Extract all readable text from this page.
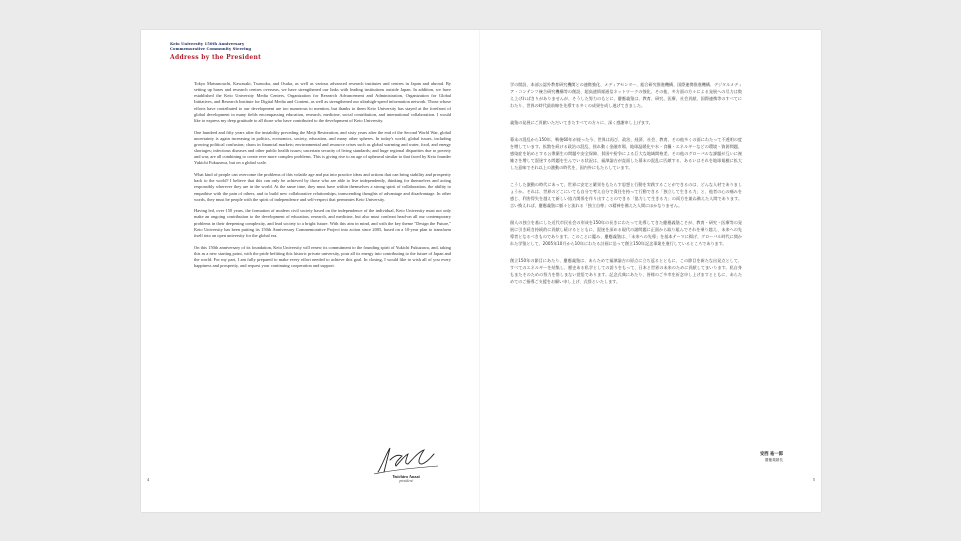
Keio University 150th Anniversary
Commemorative Community Steering
Address by the President

Tokyo Matsunouchi, Kawasaki, Tsuruoka, and Osaka, as well as various advanced research institutes and centres in Japan and abroad. By setting up bases and research centres overseas, we have strengthened our links with leading institutions outside Japan. In addition, we have established the Keio University Media Centers, Organization for Research Advancement and Administration, Organization for Global Initiatives, and Research Institute for Digital Media and Content, as well as strengthened our ultrahigh-speed information network. Those whose efforts have contributed to our development are too numerous to mention, but thanks to them Keio University has stayed at the forefront of global development in many fields encompassing education, research, medicine, social contribution, and international collaboration. I would like to express my deep gratitude to all those who have contributed to the development of Keio University.

One hundred and fifty years after the instability preceding the Meiji Restoration, and sixty years after the end of the Second World War, global uncertainty is again increasing in politics, economics, society, education, and many other spheres. In today's world, global issues, including growing political confusion; chaos in financial markets; environmental and resource crises such as global warming and water, food, and energy shortages; infectious diseases and other public health issues; uncertain security of living standards; and huge regional disparities due to poverty and war, are all combining to create ever more complex problems. This is giving rise to an age of upheaval similar to that faced by Keio founder Yukichi Fukuzawa, but on a global scale.

What kind of people can overcome the problems of this volatile age and put into practice ideas and actions that can bring stability and prosperity back to the world? I believe that this can only be achieved by those who are able to live independently, thinking for themselves and acting responsibly wherever they are in the world. At the same time, they must have within themselves a strong spirit of collaboration, the ability to empathise with the pain of others, and to build new collaborative relationships, transcending thoughts of advantage and disadvantage. In other words, they must be people with the spirit of independence and self-respect that permeates Keio University.

Having led, over 150 years, the formation of modern civil society based on the independence of the individual, Keio University must not only make an ongoing contribution to the development of education, research, and medicine, but also must confront head-on all our contemporary problems in their deepening complexity, and lead society to a bright future. With this aim in mind, and with the key theme "Design the Future," Keio University has been putting its 150th Anniversary Commemorative Project into action since 2005, based on a 10-year plan to transform itself into an open university for the global era.

On this 150th anniversary of its foundation, Keio University will renew its commitment to the founding spirit of Yukichi Fukuzawa, and, taking this as a new starting point, with the pride befitting this historic private university, pour all its energy into contributing to the future of Japan and the world. For my part, I am fully prepared to make every effort needed to achieve this goal. In closing, I would like to wish all of you every happiness and prosperity, and request your continuing cooperation and support.

Yuichiro Anzai
president
4

学の開設、本部公認外教育研究機関との連携強化、メディアセンター、総合研究推進機構、国際連携推進機構、デジタルメディア・コンテンツ統合研究機構等の創設、超高速情報通信ネットワークの強化、その他、多方面の方々による発展への尽力は数え上げればきりがありませんが、そうした努力のもとに、慶應義塾は、教育、研究、医療、社会貢献、国際連携等のすべてにわたり、世界の時代最前線を先導する多くの成果を成し遂げてきました。

義塾の発展にご貢献いただいてきたすべての方々に、深く感謝申し上げます。

幕末の混乱から150年、戦後60年が経った今、世界は再び、政治、経済、社会、教育、その他多くの面にわたって不透明の度を増しています。拡散を続ける政治の混乱、揺れ動く金融市場、地球温暖化や水・食糧・エネルギーなどの環境・資源問題、感染症を始めとする公衆衛生の問題や安全保障、貧困や紛争による巨大な地域間格差、その他のグローバルな課題が互いに複雑さを増して混迷する問題を生んでいる状況は、福澤諭吉が直面した幕末の混乱に匹敵する、あるいはそれを地球規模に拡大した意味でそれ以上の激動の時代を、国内外にもたらしています。

こうした激動の時代にあって、世界に安定と繁栄をもたらす思想と行動を実践することができるのは、どんな人材でありましょうか。それは、世界のどこにいても自分で考え自分で責任を持って行動できる「独立して生きる力」と、他者の心の痛みを感じ、利害得失を越えて新しい協力関係を作り出すことのできる「協力して生きる力」の両方を兼ね備えた人間であります。言い換えれば、慶應義塾に脈々と流れる「独立自尊」の精神を備えた人間にほかなりません。

個人の独立を基にした近代市民社会の形成を150年の長きにわたって先導してきた慶應義塾こそが、教育・研究・医療等の発展に引き続き持続的に貢献し続けるとともに、混迷を深める現代の諸問題に正面から取り組んでそれを乗り越え、未来への先導者となるべきものであります。このことに鑑み、慶應義塾は、「未来への先導」を基本テーマに掲げ、グローバル時代に開かれた学塾として、2005年10月から10年にわたる計画に沿って創立150年記念事業を進行しているところであります。

創立150年の節目にあたり、慶應義塾は、あらためて福澤諭吉の原点に立ち返るとともに、この節目を新たな出発点として、すべてのエネルギーを結集し、歴史ある私学としての誇りをもって、日本と世界の未来のために貢献してまいります。私自身もまたそのための努力を惜しまない覚悟であります。記念式典にあたり、皆様のご多幸を祈念申し上げますとともに、あらためてのご指導ご支援をお願い申し上げ、式辞といたします。

安西 祐一郎
慶應義塾長
5
